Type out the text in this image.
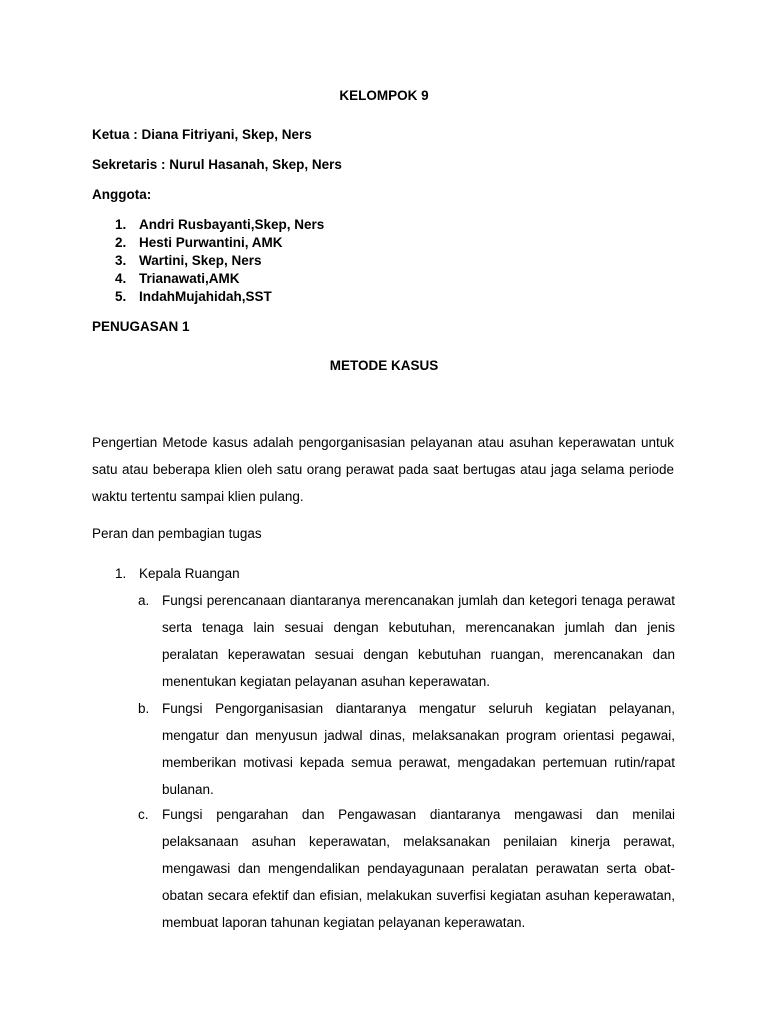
KELOMPOK 9
Ketua : Diana Fitriyani, Skep, Ners
Sekretaris : Nurul Hasanah, Skep, Ners
Anggota:
1. Andri Rusbayanti,Skep, Ners
2. Hesti Purwantini, AMK
3. Wartini, Skep, Ners
4. Trianawati,AMK
5. IndahMujahidah,SST
PENUGASAN 1
METODE KASUS
Pengertian Metode kasus adalah pengorganisasian pelayanan atau asuhan keperawatan untuk satu atau beberapa klien oleh satu orang perawat pada saat bertugas atau jaga selama periode waktu tertentu sampai klien pulang.
Peran dan pembagian tugas
1. Kepala Ruangan
a. Fungsi perencanaan diantaranya merencanakan jumlah dan ketegori tenaga perawat serta tenaga lain sesuai dengan kebutuhan, merencanakan jumlah dan jenis peralatan keperawatan sesuai dengan kebutuhan ruangan, merencanakan dan menentukan kegiatan pelayanan asuhan keperawatan.
b. Fungsi Pengorganisasian diantaranya mengatur seluruh kegiatan pelayanan, mengatur dan menyusun jadwal dinas, melaksanakan program orientasi pegawai, memberikan motivasi kepada semua perawat, mengadakan pertemuan rutin/rapat bulanan.
c. Fungsi pengarahan dan Pengawasan diantaranya mengawasi dan menilai pelaksanaan asuhan keperawatan, melaksanakan penilaian kinerja perawat, mengawasi dan mengendalikan pendayagunaan peralatan perawatan serta obat-obatan secara efektif dan efisian, melakukan suverfisi kegiatan asuhan keperawatan, membuat laporan tahunan kegiatan pelayanan keperawatan.
